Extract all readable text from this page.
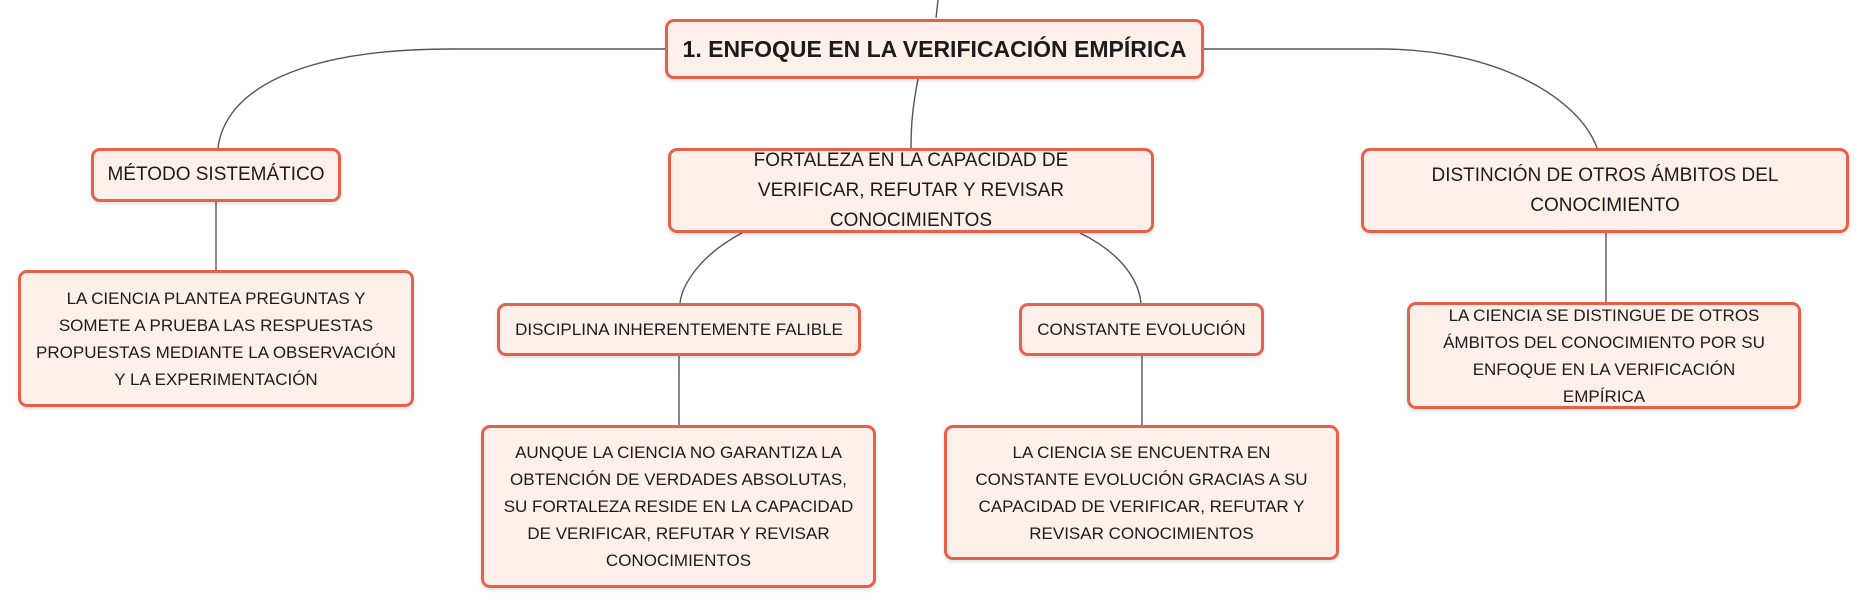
1. ENFOQUE EN LA VERIFICACIÓN EMPÍRICA
MÉTODO SISTEMÁTICO
FORTALEZA EN LA CAPACIDAD DE VERIFICAR, REFUTAR Y REVISAR CONOCIMIENTOS
DISTINCIÓN DE OTROS ÁMBITOS DEL CONOCIMIENTO
LA CIENCIA PLANTEA PREGUNTAS Y SOMETE A PRUEBA LAS RESPUESTAS PROPUESTAS MEDIANTE LA OBSERVACIÓN Y LA EXPERIMENTACIÓN
DISCIPLINA INHERENTEMENTE FALIBLE	CONSTANTE EVOLUCIÓN
LA CIENCIA SE DISTINGUE DE OTROS ÁMBITOS DEL CONOCIMIENTO POR SU ENFOQUE EN LA VERIFICACIÓN EMPÍRICA
AUNQUE LA CIENCIA NO GARANTIZA LA OBTENCIÓN DE VERDADES ABSOLUTAS, SU FORTALEZA RESIDE EN LA CAPACIDAD DE VERIFICAR, REFUTAR Y REVISAR CONOCIMIENTOS
LA CIENCIA SE ENCUENTRA EN CONSTANTE EVOLUCIÓN GRACIAS A SU CAPACIDAD DE VERIFICAR, REFUTAR Y REVISAR CONOCIMIENTOS
